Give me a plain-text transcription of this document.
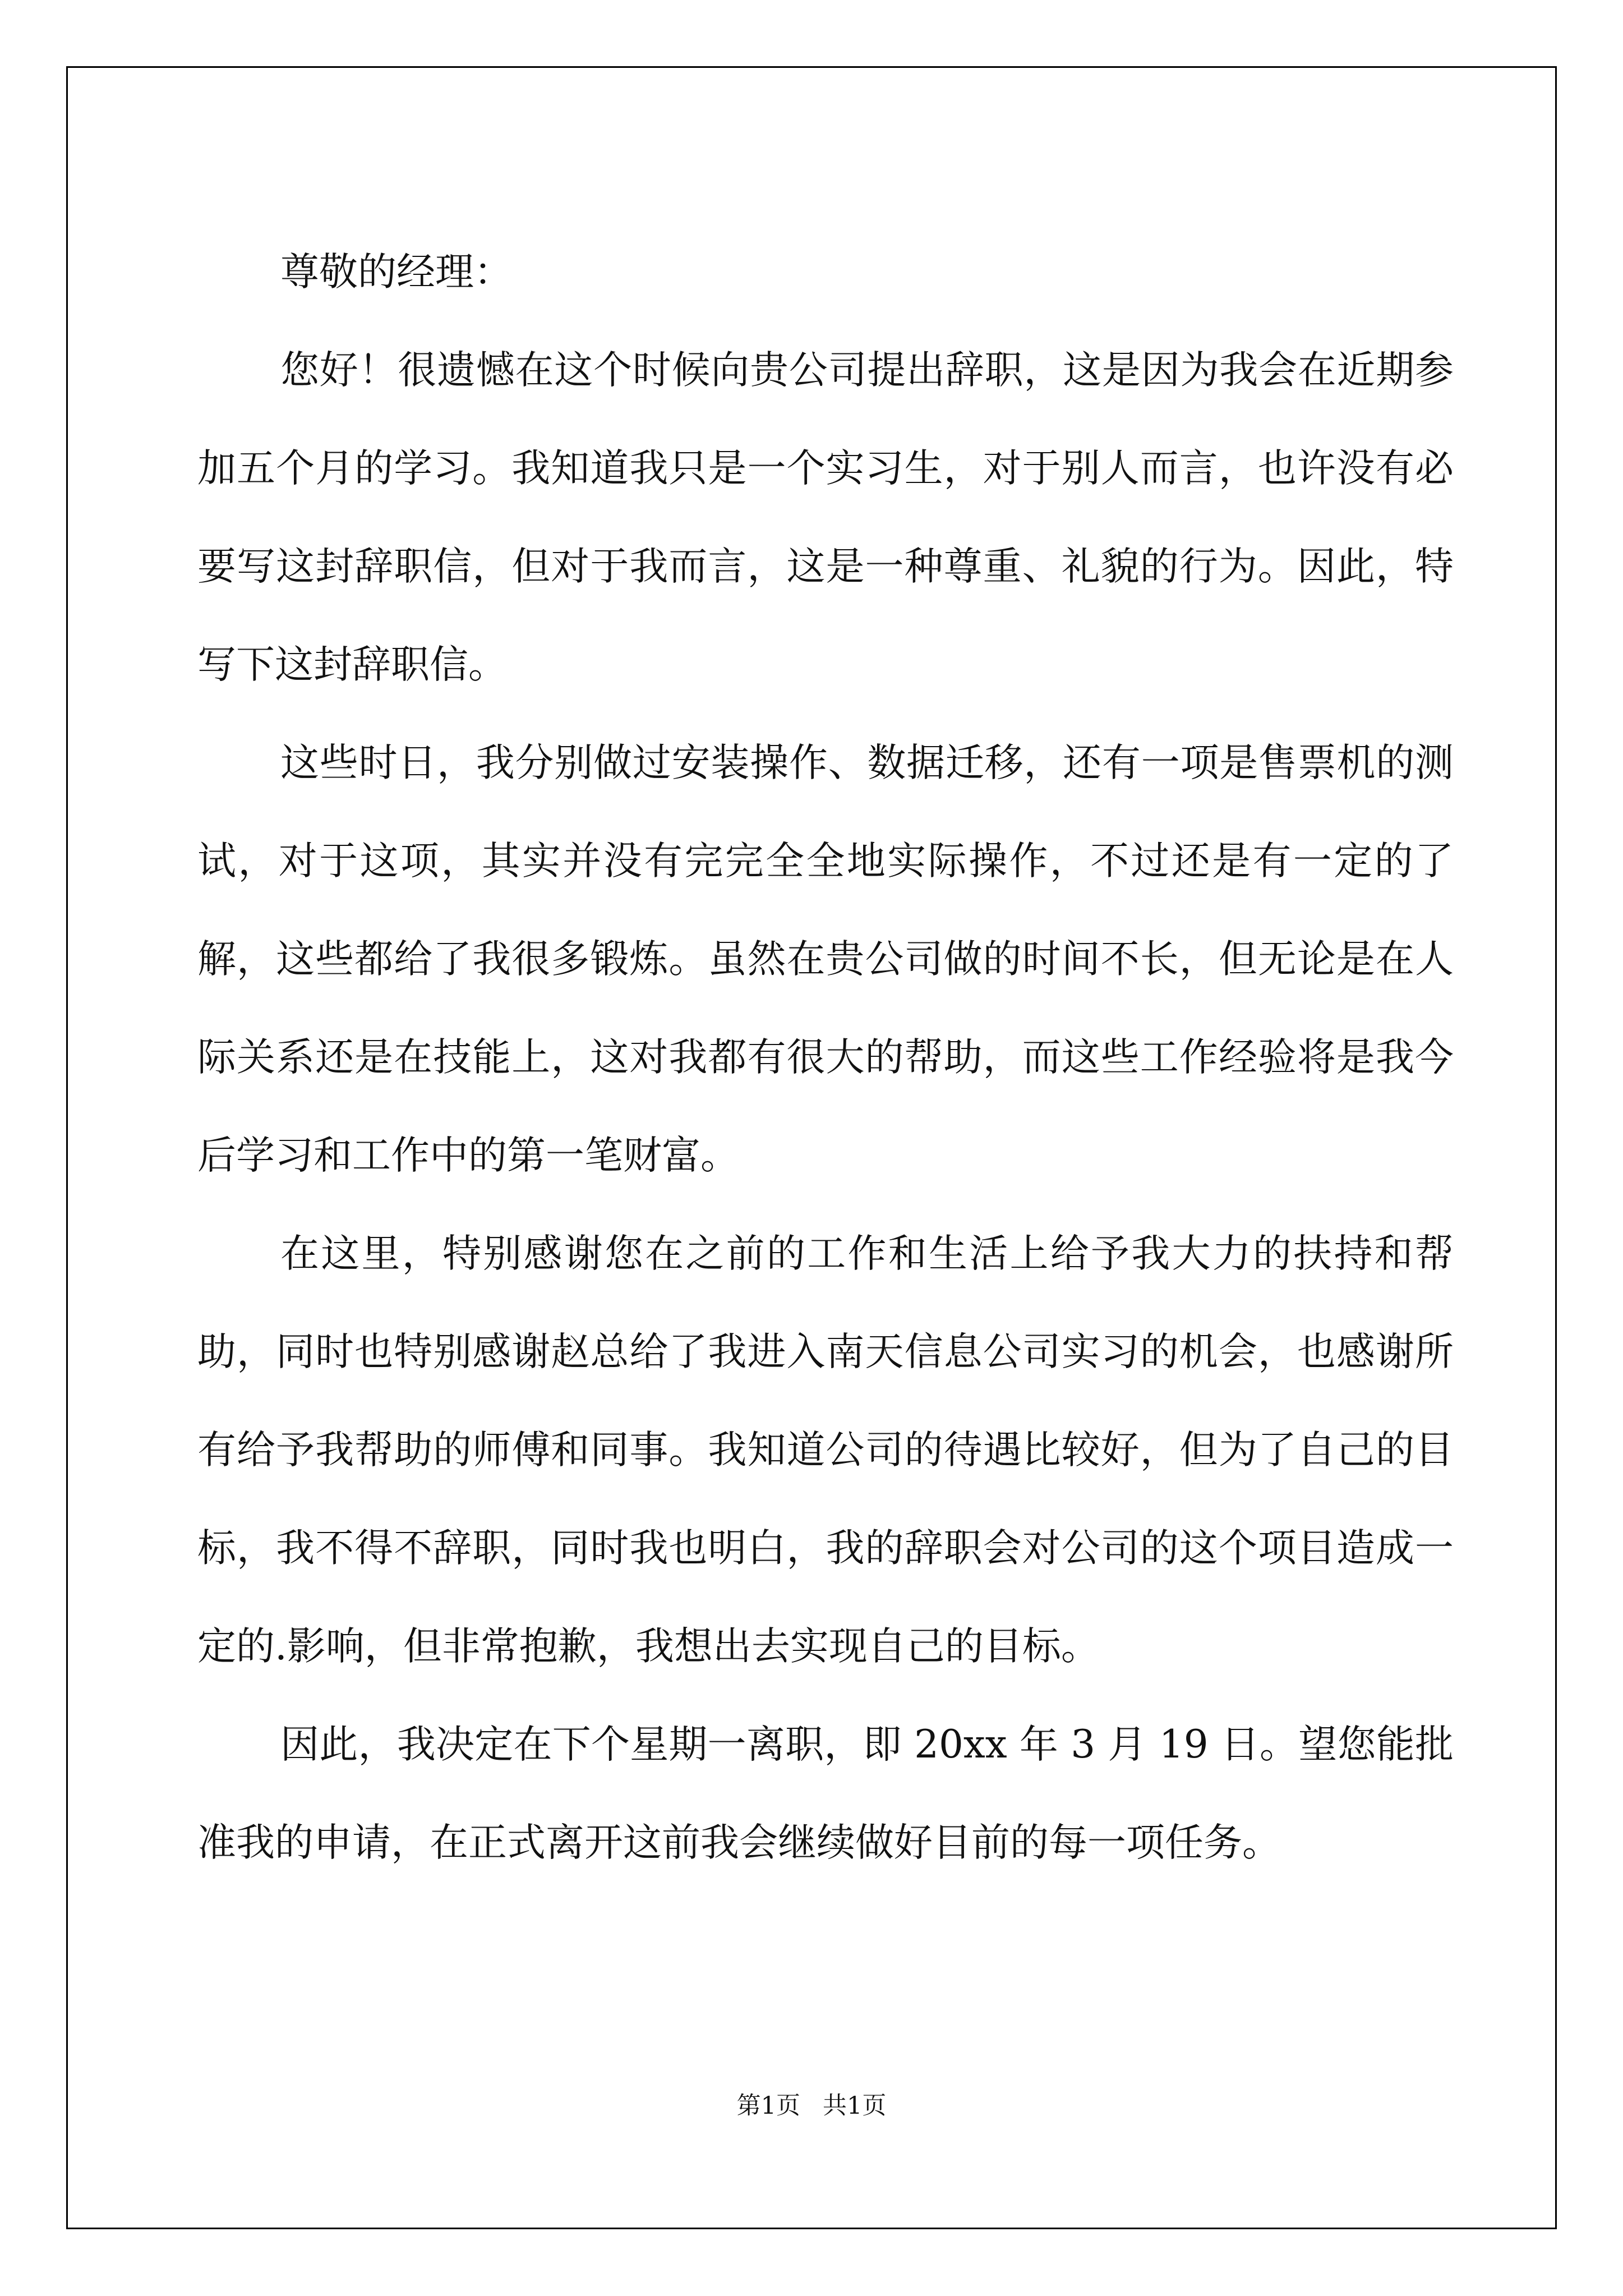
尊敬的经理：

您好！很遗憾在这个时候向贵公司提出辞职，这是因为我会在近期参加五个月的学习。我知道我只是一个实习生，对于别人而言，也许没有必要写这封辞职信，但对于我而言，这是一种尊重、礼貌的行为。因此，特写下这封辞职信。

这些时日，我分别做过安装操作、数据迁移，还有一项是售票机的测试，对于这项，其实并没有完完全全地实际操作，不过还是有一定的了解，这些都给了我很多锻炼。虽然在贵公司做的时间不长，但无论是在人际关系还是在技能上，这对我都有很大的帮助，而这些工作经验将是我今后学习和工作中的第一笔财富。

在这里，特别感谢您在之前的工作和生活上给予我大力的扶持和帮助，同时也特别感谢赵总给了我进入南天信息公司实习的机会，也感谢所有给予我帮助的师傅和同事。我知道公司的待遇比较好，但为了自己的目标，我不得不辞职，同时我也明白，我的辞职会对公司的这个项目造成一定的.影响，但非常抱歉，我想出去实现自己的目标。

因此，我决定在下个星期一离职，即 20xx 年 3 月 19 日。望您能批准我的申请，在正式离开这前我会继续做好目前的每一项任务。

第1页 共1页
